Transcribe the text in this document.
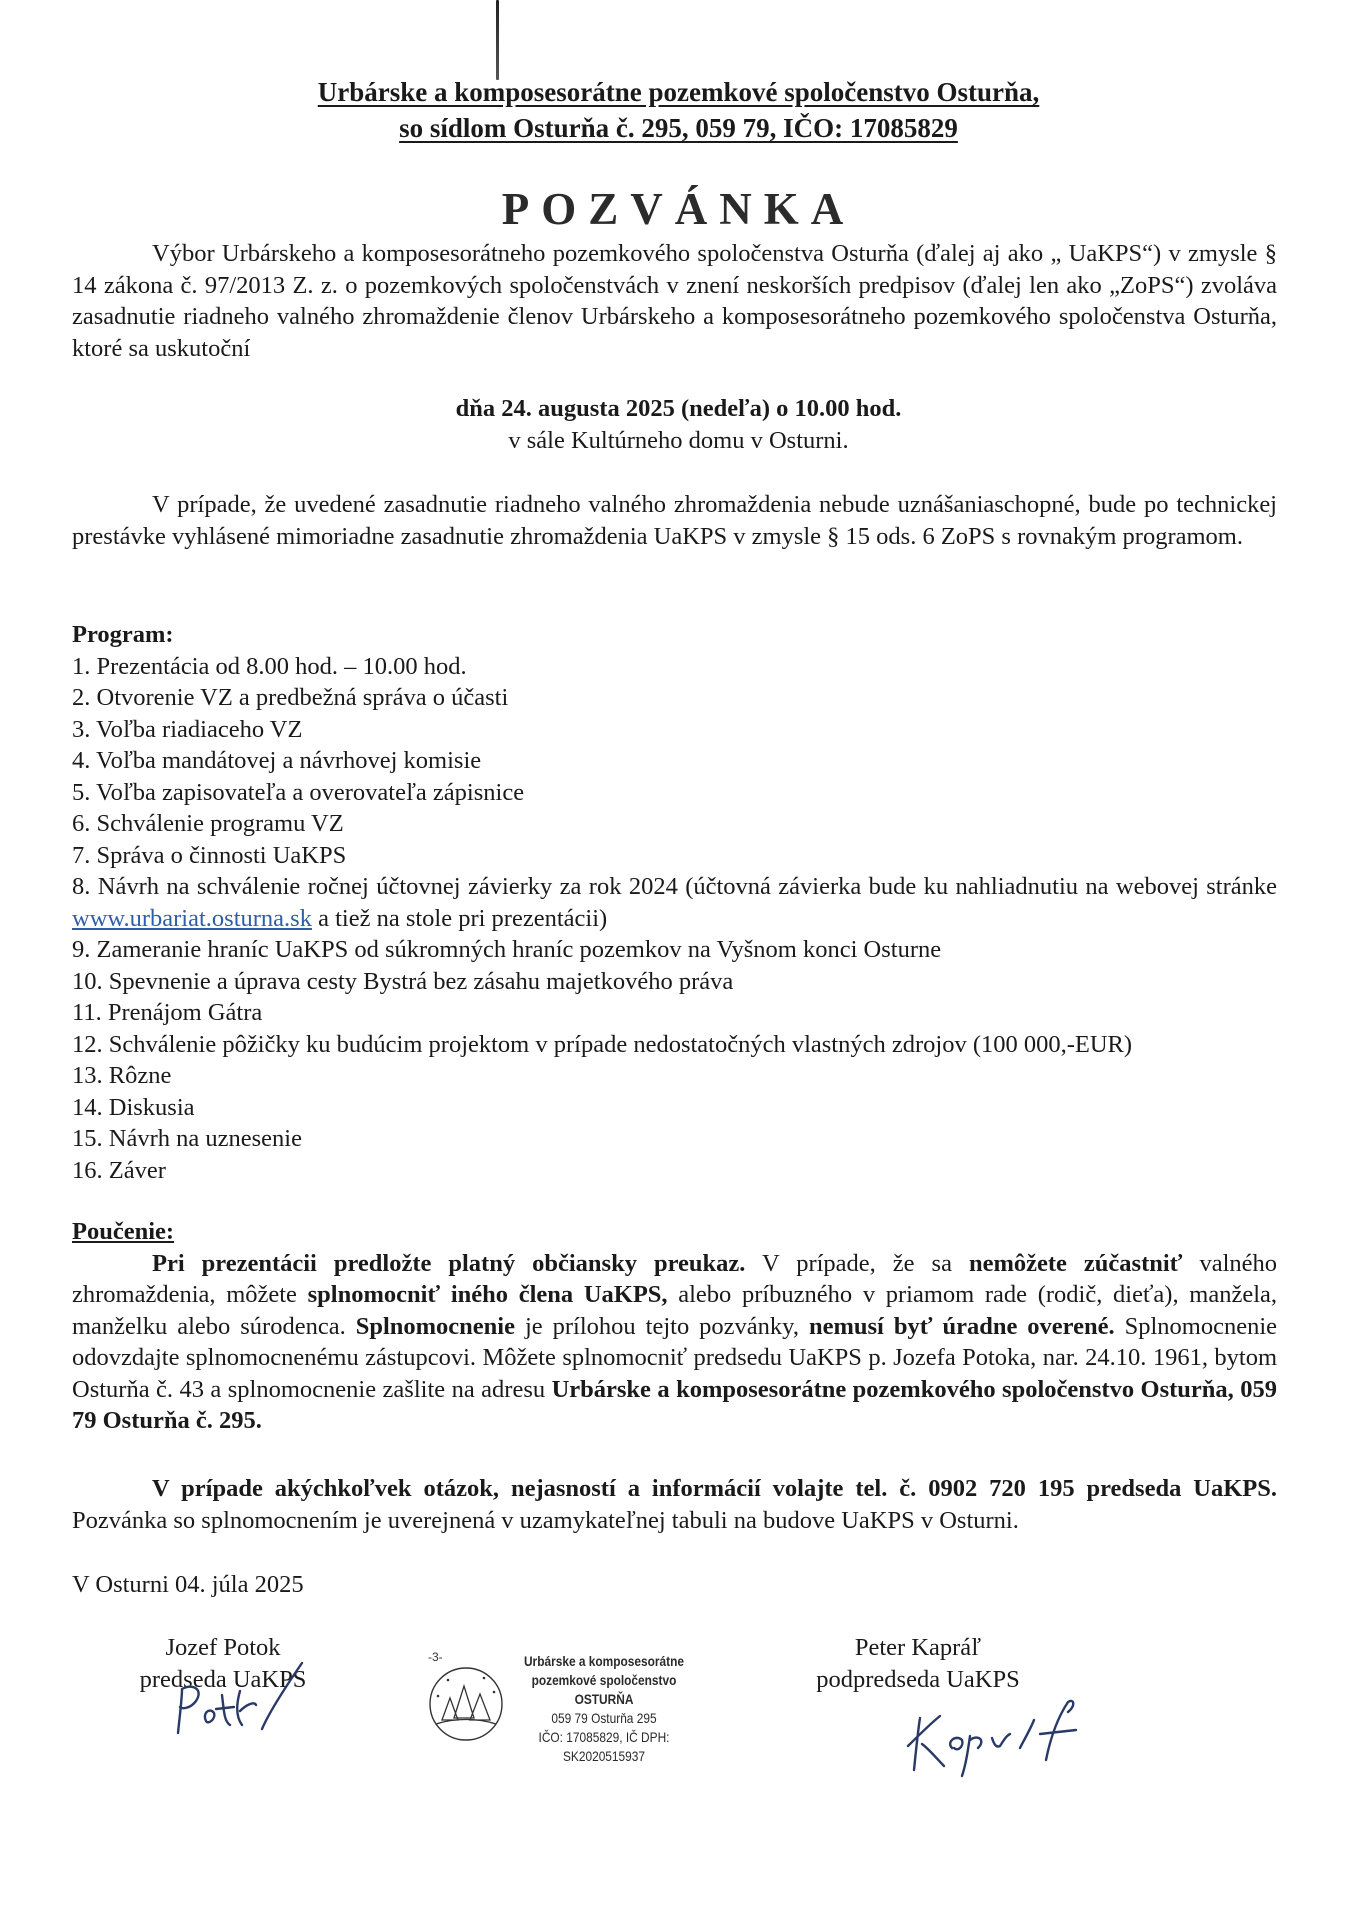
Urbárske a komposesorátne pozemkové spoločenstvo Osturňa,
so sídlom Osturňa č. 295, 059 79, IČO: 17085829
POZVÁNKA
Výbor Urbárskeho a komposesorátneho pozemkového spoločenstva Osturňa (ďalej aj ako „ UaKPS“) v zmysle § 14 zákona č. 97/2013 Z. z. o pozemkových spoločenstvách v znení neskorších predpisov (ďalej len ako „ZoPS“) zvoláva zasadnutie riadneho valného zhromaždenie členov Urbárskeho a komposesorátneho pozemkového spoločenstva Osturňa, ktoré sa uskutoční
dňa 24. augusta 2025 (nedeľa) o 10.00 hod.
v sále Kultúrneho domu v Osturni.
V prípade, že uvedené zasadnutie riadneho valného zhromaždenia nebude uznášaniaschopné, bude po technickej prestávke vyhlásené mimoriadne zasadnutie zhromaždenia UaKPS v zmysle § 15 ods. 6 ZoPS s rovnakým programom.
Program:
1. Prezentácia od 8.00 hod. – 10.00 hod.
2. Otvorenie VZ a predbežná správa o účasti
3. Voľba riadiaceho VZ
4. Voľba mandátovej a návrhovej komisie
5. Voľba zapisovateľa a overovateľa zápisnice
6. Schválenie programu VZ
7. Správa o činnosti UaKPS
8. Návrh na schválenie ročnej účtovnej závierky za rok 2024 (účtovná závierka bude ku nahliadnutiu na webovej stránke www.urbariat.osturna.sk a tiež na stole pri prezentácii)
9. Zameranie hraníc UaKPS od súkromných hraníc pozemkov na Vyšnom konci Osturne
10. Spevnenie a úprava cesty Bystrá bez zásahu majetkového práva
11. Prenájom Gátra
12. Schválenie pôžičky ku budúcim projektom v prípade nedostatočných vlastných zdrojov (100 000,-EUR)
13. Rôzne
14. Diskusia
15. Návrh na uznesenie
16. Záver
Poučenie:
Pri prezentácii predložte platný občiansky preukaz. V prípade, že sa nemôžete zúčastniť valného zhromaždenia, môžete splnomocniť iného člena UaKPS, alebo príbuzného v priamom rade (rodič, dieťa), manžela, manželku alebo súrodenca. Splnomocnenie je prílohou tejto pozvánky, nemusí byť úradne overené. Splnomocnenie odovzdajte splnomocnenému zástupcovi. Môžete splnomocniť predsedu UaKPS p. Jozefa Potoka, nar. 24.10. 1961, bytom Osturňa č. 43 a splnomocnenie zašlite na adresu Urbárske a komposesorátne pozemkového spoločenstvo Osturňa, 059 79 Osturňa č. 295.
V prípade akýchkoľvek otázok, nejasností a informácií volajte tel. č. 0902 720 195 predseda UaKPS. Pozvánka so splnomocnením je uverejnená v uzamykateľnej tabuli na budove UaKPS v Osturni.
V Osturni 04. júla 2025
Jozef Potok
predseda UaKPS
Peter Kapráľ
podpredseda UaKPS
-3-	Urbárske a komposesorátne
pozemkové spoločenstvo OSTURŇA
059 79 Osturňa 295
IČO: 17085829, IČ DPH: SK2020515937
